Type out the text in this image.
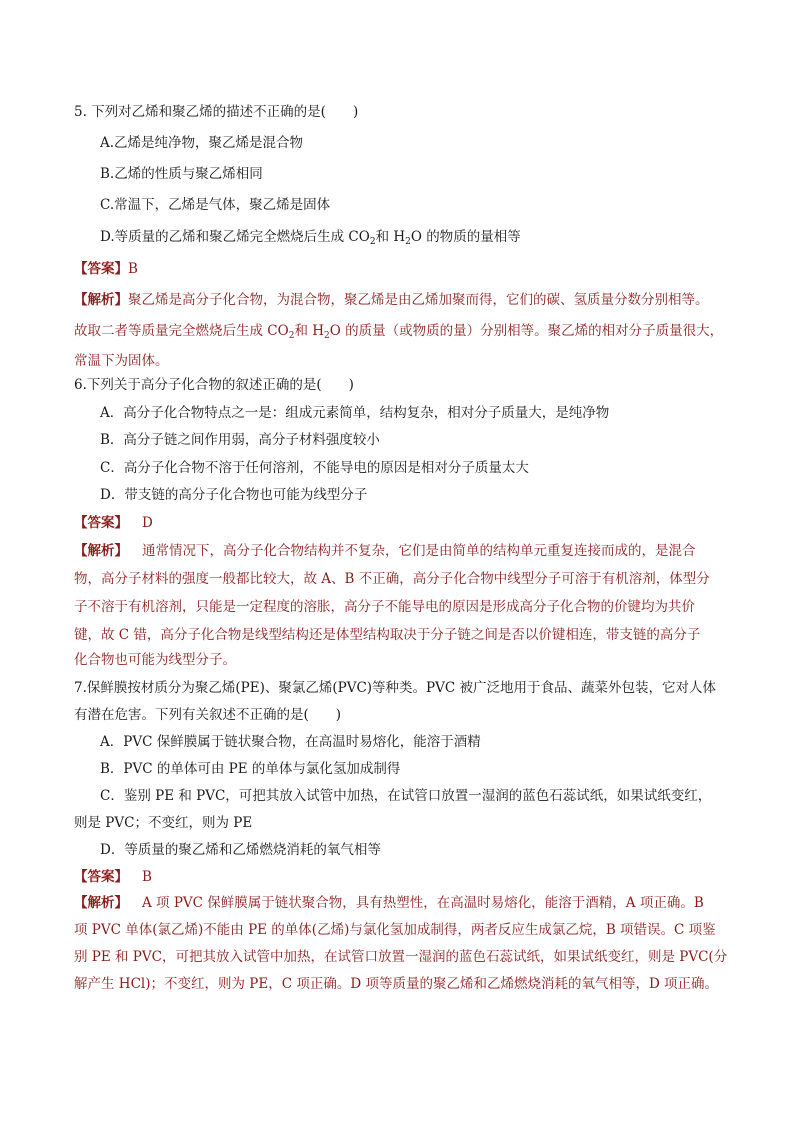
5. 下列对乙烯和聚乙烯的描述不正确的是(　　)
A.乙烯是纯净物，聚乙烯是混合物
B.乙烯的性质与聚乙烯相同
C.常温下，乙烯是气体，聚乙烯是固体
D.等质量的乙烯和聚乙烯完全燃烧后生成 $CO_2$和 $H_2O$ 的物质的量相等
【答案】B
【解析】聚乙烯是高分子化合物，为混合物，聚乙烯是由乙烯加聚而得，它们的碳、氢质量分数分别相等。
故取二者等质量完全燃烧后生成 $CO_2$和 $H_2O$ 的质量（或物质的量）分别相等。聚乙烯的相对分子质量很大，
常温下为固体。
6.下列关于高分子化合物的叙述正确的是(　　)
A．高分子化合物特点之一是：组成元素简单，结构复杂，相对分子质量大，是纯净物
B．高分子链之间作用弱，高分子材料强度较小
C．高分子化合物不溶于任何溶剂，不能导电的原因是相对分子质量太大
D．带支链的高分子化合物也可能为线型分子
【答案】 D
【解析】 通常情况下，高分子化合物结构并不复杂，它们是由简单的结构单元重复连接而成的，是混合
物，高分子材料的强度一般都比较大，故 A、B 不正确，高分子化合物中线型分子可溶于有机溶剂，体型分
子不溶于有机溶剂，只能是一定程度的溶胀，高分子不能导电的原因是形成高分子化合物的价键均为共价
键，故 C 错，高分子化合物是线型结构还是体型结构取决于分子链之间是否以价键相连，带支链的高分子
化合物也可能为线型分子。
7.保鲜膜按材质分为聚乙烯(PE)、聚氯乙烯(PVC)等种类。PVC 被广泛地用于食品、蔬菜外包装，它对人体
有潜在危害。下列有关叙述不正确的是(　　)
A．PVC 保鲜膜属于链状聚合物，在高温时易熔化，能溶于酒精
B．PVC 的单体可由 PE 的单体与氯化氢加成制得
C．鉴别 PE 和 PVC，可把其放入试管中加热，在试管口放置一湿润的蓝色石蕊试纸，如果试纸变红，
则是 PVC；不变红，则为 PE
D．等质量的聚乙烯和乙烯燃烧消耗的氧气相等
【答案】 B
【解析】 A 项 PVC 保鲜膜属于链状聚合物，具有热塑性，在高温时易熔化，能溶于酒精，A 项正确。B
项 PVC 单体(氯乙烯)不能由 PE 的单体(乙烯)与氯化氢加成制得，两者反应生成氯乙烷，B 项错误。C 项鉴
别 PE 和 PVC，可把其放入试管中加热，在试管口放置一湿润的蓝色石蕊试纸，如果试纸变红，则是 PVC(分
解产生 HCl)；不变红，则为 PE，C 项正确。D 项等质量的聚乙烯和乙烯燃烧消耗的氧气相等，D 项正确。
